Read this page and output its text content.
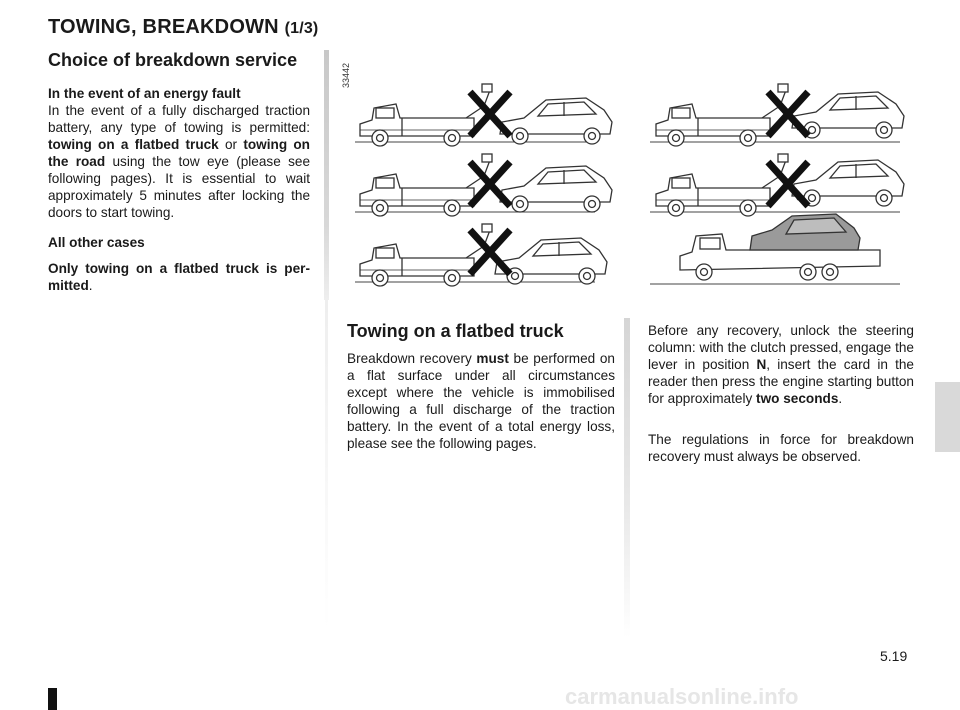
TOWING, BREAKDOWN (1/3)
Choice of breakdown service
In the event of an energy fault
In the event of a fully discharged traction battery, any type of towing is permitted: towing on a flatbed truck or towing on the road using the tow eye (please see following pages). It is essential to wait approximately 5 minutes after locking the doors to start towing.
All other cases
Only towing on a flatbed truck is permitted.
33442
Towing on a flatbed truck
Breakdown recovery must be performed on a flat surface under all circumstances except where the vehicle is immobilised following a full discharge of the traction battery. In the event of a total energy loss, please see the following pages.
Before any recovery, unlock the steering column: with the clutch pressed, engage the lever in position N, insert the card in the reader then press the engine starting button for approximately two seconds.
The regulations in force for breakdown recovery must always be observed.
5.19
carmanualsonline.info
